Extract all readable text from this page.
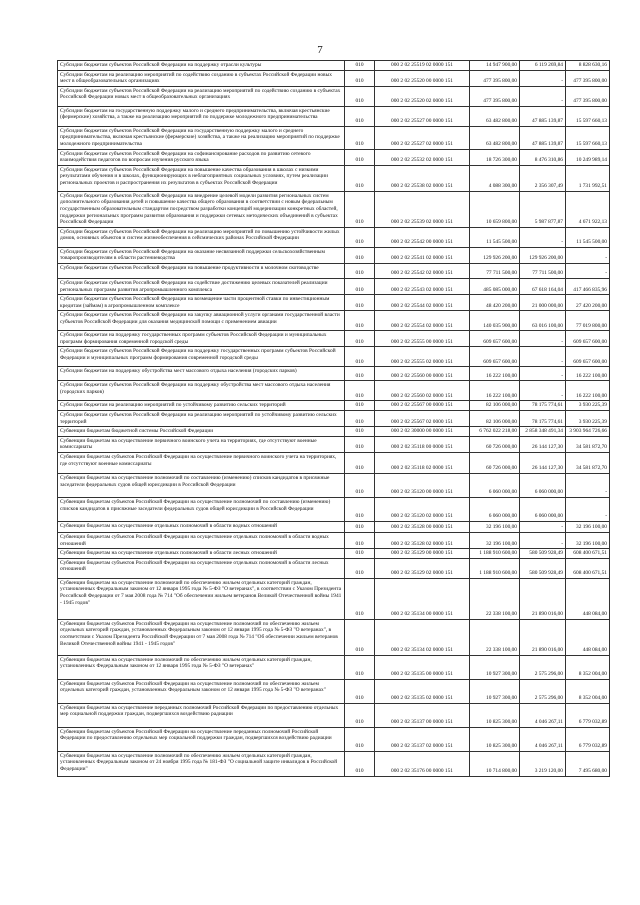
7
Субсидии бюджетам субъектов Российской Федерации на поддержку отрасли культуры	010	000 2 02 25519 02 0000 151	14 947 900,00	6 119 269,84	8 828 630,16
Субсидии бюджетам на реализацию мероприятий по содействию созданию в субъектах Российской Федерации новых мест в общеобразовательных организациях	010	000 2 02 25520 00 0000 151	477 395 800,00	-	477 395 800,00
Субсидии бюджетам субъектов Российской Федерации на реализацию мероприятий по содействию созданию в субъектах Российской Федерации новых мест в общеобразовательных организациях	010	000 2 02 25520 02 0000 151	477 395 800,00	-	477 395 800,00
Субсидии бюджетам на государственную поддержку малого и среднего предпринимательства, включая крестьянские (фермерские) хозяйства, а также на реализацию мероприятий по поддержке молодежного предпринимательства	010	000 2 02 25527 00 0000 151	63 482 800,00	47 885 139,87	15 597 660,13
Субсидии бюджетам субъектов Российской Федерации на государственную поддержку малого и среднего предпринимательства, включая крестьянские (фермерские) хозяйства, а также на реализацию мероприятий по поддержке молодежного предпринимательства	010	000 2 02 25527 02 0000 151	63 482 800,00	47 885 139,87	15 597 660,13
Субсидии бюджетам субъектов Российской Федерации на софинансирование расходов по развитию сетевого взаимодействия педагогов по вопросам изучения русского языка	010	000 2 02 25532 02 0000 151	18 726 300,00	8 476 310,86	10 249 989,14
Субсидии бюджетам субъектов Российской Федерации на повышение качества образования в школах с низкими результатами обучения и в школах, функционирующих в неблагоприятных социальных условиях, путем реализации региональных проектов и распространения их результатов в субъектах Российской Федерации	010	000 2 02 25538 02 0000 151	4 088 300,00	2 356 307,49	1 731 992,51
Субсидии бюджетам субъектов Российской Федерации на внедрение целевой модели развития региональных систем дополнительного образования детей и повышение качества общего образования в соответствии с новым федеральным государственным образовательным стандартом посредством разработки концепций модернизации конкретных областей, поддержки региональных программ развития образования и поддержки сетевых методических объединений в субъектах Российской Федерации	010	000 2 02 25539 02 0000 151	10 659 800,00	5 987 877,87	4 671 922,13
Субсидии бюджетам субъектов Российской Федерации на реализацию мероприятий по повышению устойчивости жилых домов, основных объектов и систем жизнеобеспечения в сейсмических районах Российской Федерации	010	000 2 02 25542 00 0000 151	11 545 500,00	-	11 545 500,00
Субсидии бюджетам субъектов Российской Федерации на оказание несвязанной поддержки сельскохозяйственным товаропроизводителям в области растениеводства	010	000 2 02 25541 02 0000 151	129 926 200,00	129 926 200,00	-
Субсидии бюджетам субъектов Российской Федерации на повышение продуктивности в молочном скотоводстве	010	000 2 02 25542 02 0000 151	77 711 500,00	77 711 500,00	-
Субсидии бюджетам субъектов Российской Федерации на содействие достижению целевых показателей реализации региональных программ развития агропромышленного комплекса	010	000 2 02 25543 02 0000 151	485 085 000,00	67 618 164,04	417 466 835,96
Субсидии бюджетам субъектов Российской Федерации на возмещение части процентной ставки по инвестиционным кредитам (займам) в агропромышленном комплексе	010	000 2 02 25544 02 0000 151	48 420 200,00	21 000 000,00	27 420 200,00
Субсидии бюджетам субъектов Российской Федерации на закупку авиационной услуги органами государственной власти субъектов Российской Федерации для оказания медицинской помощи с применением авиации	010	000 2 02 25554 02 0000 151	140 035 900,00	63 016 100,00	77 019 800,00
Субсидии бюджетам на поддержку государственных программ субъектов Российской Федерации и муниципальных программ формирования современной городской среды	010	000 2 02 25555 00 0000 151	609 657 600,00	-	609 657 600,00
Субсидии бюджетам субъектов Российской Федерации на поддержку государственных программ субъектов Российской Федерации и муниципальных программ формирования современной городской среды	010	000 2 02 25555 02 0000 151	609 657 600,00	-	609 657 600,00
Субсидии бюджетам на поддержку обустройства мест массового отдыха населения (городских парков)	010	000 2 02 25560 00 0000 151	16 222 100,00	-	16 222 100,00
Субсидии бюджетам субъектов Российской Федерации на поддержку обустройства мест массового отдыха населения (городских парков)	010	000 2 02 25560 02 0000 151	16 222 100,00	-	16 222 100,00
Субсидии бюджетам на реализацию мероприятий по устойчивому развитию сельских территорий	010	000 2 02 25567 00 0000 151	82 106 000,00	78 175 774,61	3 930 225,39
Субсидии бюджетам субъектов Российской Федерации на реализацию мероприятий по устойчивому развитию сельских территорий	010	000 2 02 25567 02 0000 151	82 106 000,00	78 175 774,61	3 930 225,39
Субвенции бюджетам бюджетной системы Российской Федерации	010	000 2 02 30000 00 0000 151	6 762 022 218,00	2 858 348 491,34	3 903 964 726,66
Субвенции бюджетам на осуществление первичного воинского учета на территориях, где отсутствуют военные комиссариаты	010	000 2 02 35118 00 0000 151	60 726 000,00	26 144 127,30	34 581 872,70
Субвенции бюджетам субъектов Российской Федерации на осуществление первичного воинского учета на территориях, где отсутствуют военные комиссариаты	010	000 2 02 35118 02 0000 151	60 726 000,00	26 144 127,30	34 581 872,70
Субвенции бюджетам на осуществление полномочий по составлению (изменению) списков кандидатов в присяжные заседатели федеральных судов общей юрисдикции в Российской Федерации	010	000 2 02 35120 00 0000 151	6 060 000,00	6 060 000,00	-
Субвенции бюджетам субъектов Российской Федерации на осуществление полномочий по составлению (изменению) списков кандидатов в присяжные заседатели федеральных судов общей юрисдикции в Российской Федерации	010	000 2 02 35120 02 0000 151	6 060 000,00	6 060 000,00	-
Субвенции бюджетам на осуществление отдельных полномочий в области водных отношений	010	000 2 02 35128 00 0000 151	32 196 100,00	-	32 196 100,00
Субвенции бюджетам субъектов Российской Федерации на осуществление отдельных полномочий в области водных отношений	010	000 2 02 35128 02 0000 151	32 196 100,00	-	32 196 100,00
Субвенции бюджетам на осуществление отдельных полномочий в области лесных отношений	010	000 2 02 35129 00 0000 151	1 188 910 600,00	580 509 928,49	608 400 671,51
Субвенции бюджетам субъектов Российской Федерации на осуществление отдельных полномочий в области лесных отношений	010	000 2 02 35129 02 0000 151	1 188 910 600,00	580 509 928,49	608 400 671,51
Субвенции бюджетам на осуществление полномочий по обеспечению жильем отдельных категорий граждан, установленных Федеральным законом от 12 января 1995 года № 5-ФЗ "О ветеранах", в соответствии с Указом Президента Российской Федерации от 7 мая 2008 года № 714 "Об обеспечении жильем ветеранов Великой Отечественной войны 1941 - 1945 годов"	010	000 2 02 35134 00 0000 151	22 338 100,00	21 890 016,00	448 084,00
Субвенции бюджетам субъектов Российской Федерации на осуществление полномочий по обеспечению жильем отдельных категорий граждан, установленных Федеральным законом от 12 января 1995 года № 5-ФЗ "О ветеранах", в соответствии с Указом Президента Российской Федерации от 7 мая 2008 года № 714 "Об обеспечении жильем ветеранов Великой Отечественной войны 1941 - 1945 годов"	010	000 2 02 35134 02 0000 151	22 338 100,00	21 890 016,00	448 084,00
Субвенции бюджетам на осуществление полномочий по обеспечению жильем отдельных категорий граждан, установленных Федеральным законом от 12 января 1995 года № 5-ФЗ "О ветеранах"	010	000 2 02 35135 00 0000 151	10 927 300,00	2 575 296,00	8 352 004,00
Субвенции бюджетам субъектов Российской Федерации на осуществление полномочий по обеспечению жильем отдельных категорий граждан, установленных Федеральным законом от 12 января 1995 года № 5-ФЗ "О ветеранах"	010	000 2 02 35135 02 0000 151	10 927 300,00	2 575 296,00	8 352 004,00
Субвенции бюджетам на осуществление переданных полномочий Российской Федерации по предоставлению отдельных мер социальной поддержки граждан, подвергшихся воздействию радиации	010	000 2 02 35137 00 0000 151	10 825 300,00	4 046 267,11	6 779 032,89
Субвенции бюджетам субъектов Российской Федерации на осуществление переданных полномочий Российской Федерации по предоставлению отдельных мер социальной поддержки граждан, подвергшихся воздействию радиации	010	000 2 02 35137 02 0000 151	10 825 300,00	4 046 267,11	6 779 032,89
Субвенции бюджетам на осуществление полномочий по обеспечению жильем отдельных категорий граждан, установленных Федеральным законом от 24 ноября 1995 года № 181-ФЗ "О социальной защите инвалидов в Российской Федерации"	010	000 2 02 35176 00 0000 151	10 714 800,00	3 219 120,00	7 495 680,00
